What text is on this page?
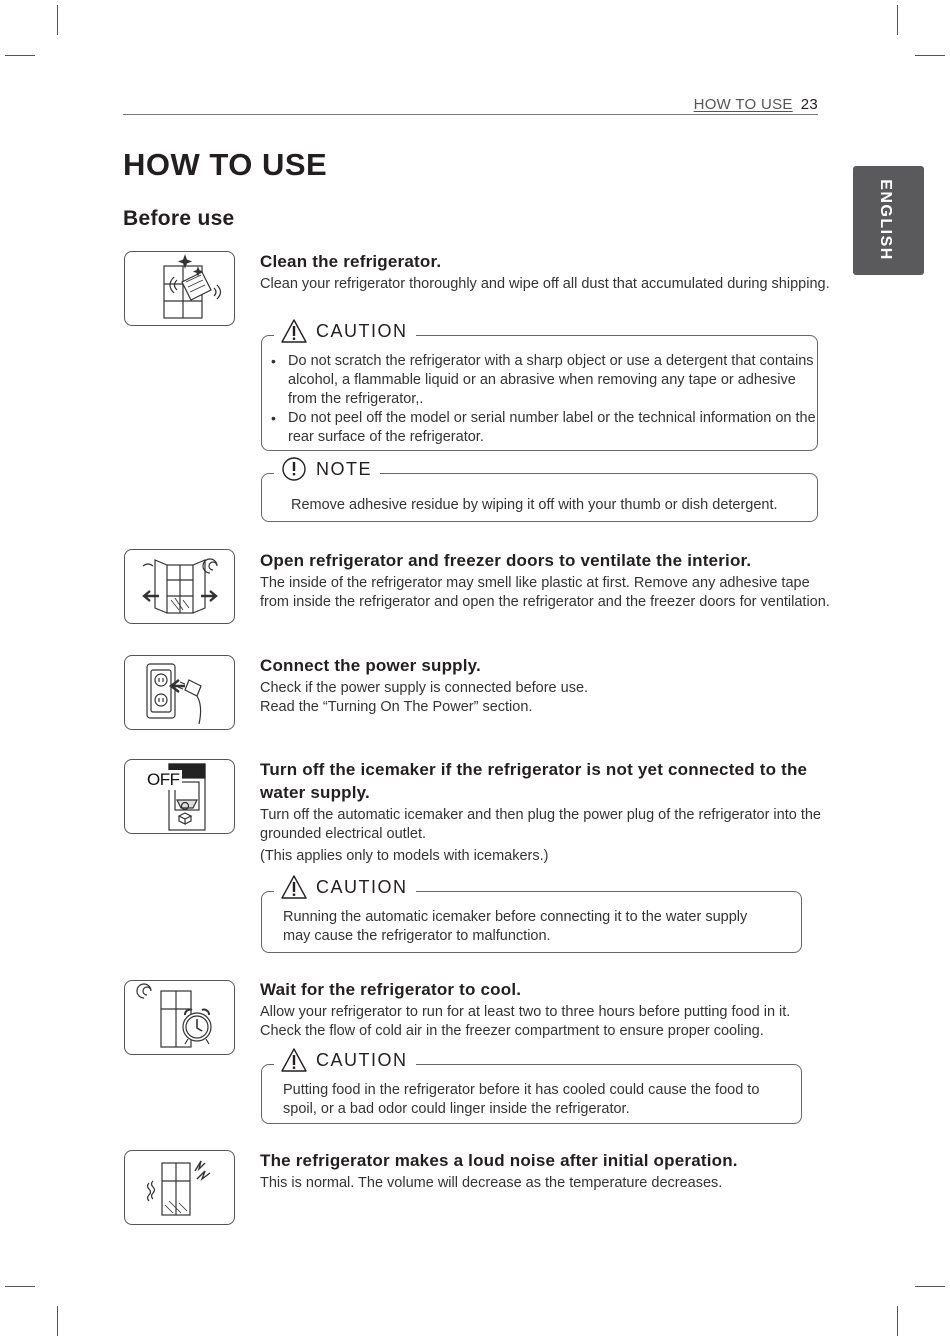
HOW TO USE 23
ENGLISH
HOW TO USE
Before use
OFF
Clean the refrigerator.

Clean your refrigerator thoroughly and wipe off all dust that accumulated during shipping.

CAUTION
• Do not scratch the refrigerator with a sharp object or use a detergent that contains alcohol, a flammable liquid or an abrasive when removing any tape or adhesive from the refrigerator,.
• Do not peel off the model or serial number label or the technical information on the rear surface of the refrigerator.
NOTE

Remove adhesive residue by wiping it off with your thumb or dish detergent.

Open refrigerator and freezer doors to ventilate the interior.

The inside of the refrigerator may smell like plastic at first. Remove any adhesive tape from inside the refrigerator and open the refrigerator and the freezer doors for ventilation.

Connect the power supply.

Check if the power supply is connected before use.

Read the “Turning On The Power” section.

Turn off the icemaker if the refrigerator is not yet connected to the water supply.

Turn off the automatic icemaker and then plug the power plug of the refrigerator into the grounded electrical outlet.

(This applies only to models with icemakers.)

CAUTION

Running the automatic icemaker before connecting it to the water supply may cause the refrigerator to malfunction.

Wait for the refrigerator to cool.

Allow your refrigerator to run for at least two to three hours before putting food in it. Check the flow of cold air in the freezer compartment to ensure proper cooling.

CAUTION

Putting food in the refrigerator before it has cooled could cause the food to spoil, or a bad odor could linger inside the refrigerator.

The refrigerator makes a loud noise after initial operation.

This is normal. The volume will decrease as the temperature decreases.
